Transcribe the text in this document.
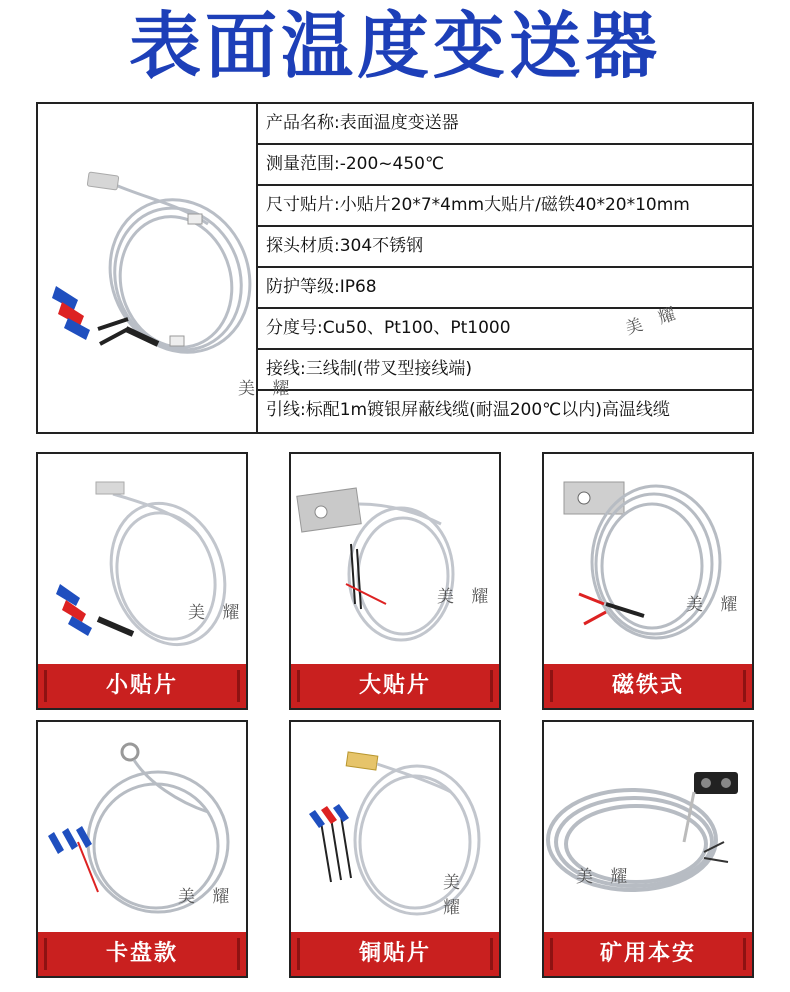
表面温度变送器
产品名称:表面温度变送器
测量范围:-200~450℃
尺寸贴片:小贴片20*7*4mm大贴片/磁铁40*20*10mm
探头材质:304不锈钢
防护等级:IP68
分度号:Cu50、Pt100、Pt1000
接线:三线制(带叉型接线端)
引线:标配1m镀银屏蔽线缆(耐温200℃以内)高温线缆
美 耀
美 耀
美 耀
小贴片
美 耀
大贴片
美 耀
磁铁式
美 耀
卡盘款
美 耀
铜贴片
美 耀
矿用本安
